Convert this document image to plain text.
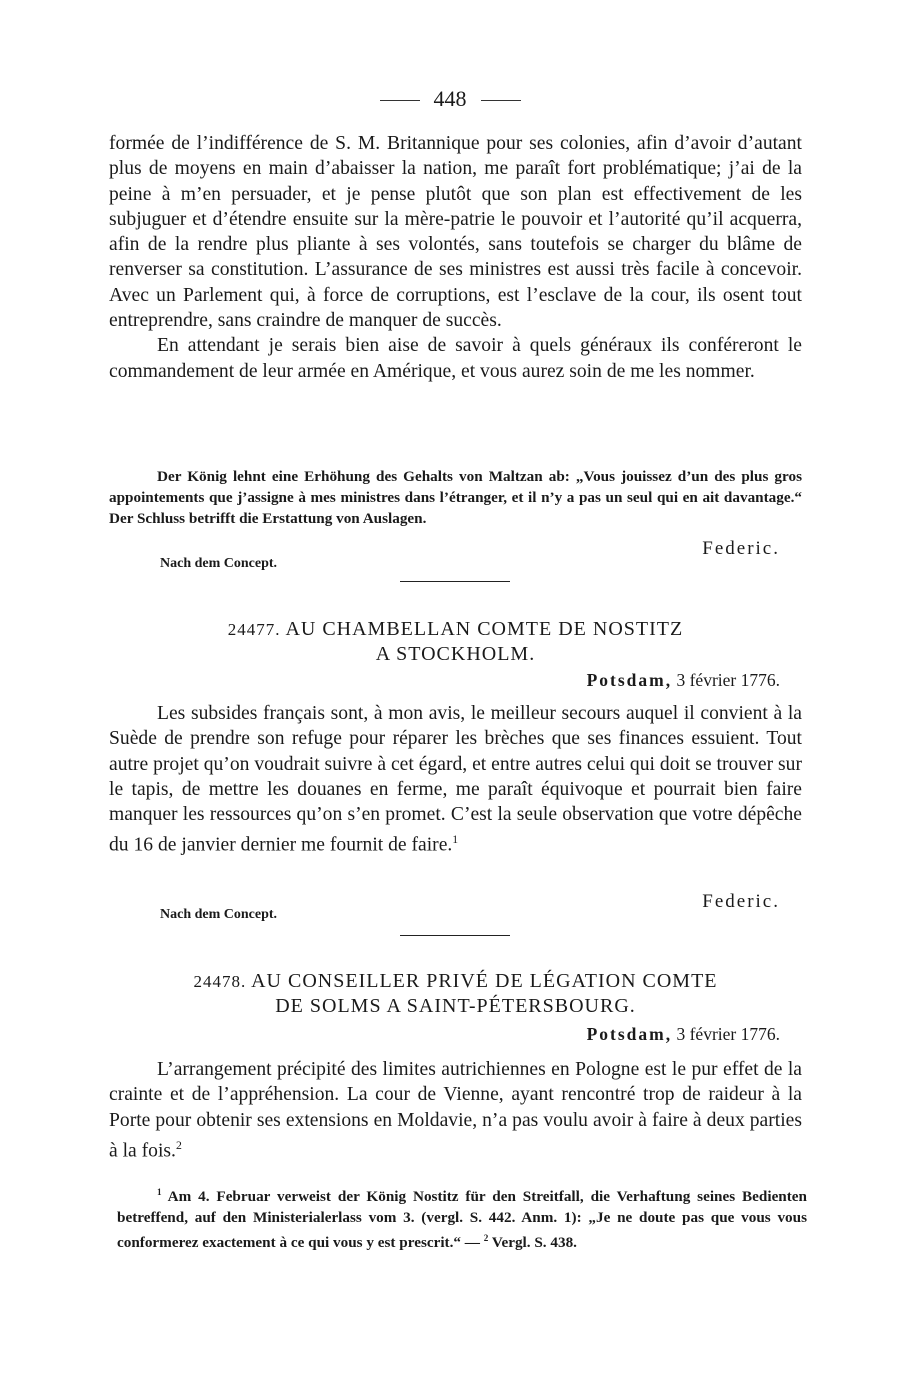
448

formée de l’indifférence de S. M. Britannique pour ses colonies, afin d’avoir d’autant plus de moyens en main d’abaisser la nation, me paraît fort problématique; j’ai de la peine à m’en persuader, et je pense plutôt que son plan est effectivement de les subjuguer et d’étendre ensuite sur la mère-patrie le pouvoir et l’autorité qu’il acquerra, afin de la rendre plus pliante à ses volontés, sans toutefois se charger du blâme de renverser sa constitution. L’assurance de ses ministres est aussi très facile à concevoir. Avec un Parlement qui, à force de corruptions, est l’esclave de la cour, ils osent tout entreprendre, sans craindre de manquer de succès.

En attendant je serais bien aise de savoir à quels généraux ils conféreront le commandement de leur armée en Amérique, et vous aurez soin de me les nommer.

Der König lehnt eine Erhöhung des Gehalts von Maltzan ab: „Vous jouissez d’un des plus gros appointements que j’assigne à mes ministres dans l’étranger, et il n’y a pas un seul qui en ait davantage.“ Der Schluss betrifft die Erstattung von Auslagen.

Federic.
Nach dem Concept.
24477. AU CHAMBELLAN COMTE DE NOSTITZ
A STOCKHOLM.
Potsdam, 3 février 1776.

Les subsides français sont, à mon avis, le meilleur secours auquel il convient à la Suède de prendre son refuge pour réparer les brèches que ses finances essuient. Tout autre projet qu’on voudrait suivre à cet égard, et entre autres celui qui doit se trouver sur le tapis, de mettre les douanes en ferme, me paraît équivoque et pourrait bien faire manquer les ressources qu’on s’en promet. C’est la seule observation que votre dépêche du 16 de janvier dernier me fournit de faire.$^1$

Federic.
Nach dem Concept.
24478. AU CONSEILLER PRIVÉ DE LÉGATION COMTE
DE SOLMS A SAINT-PÉTERSBOURG.
Potsdam, 3 février 1776.

L’arrangement précipité des limites autrichiennes en Pologne est le pur effet de la crainte et de l’appréhension. La cour de Vienne, ayant rencontré trop de raideur à la Porte pour obtenir ses extensions en Moldavie, n’a pas voulu avoir à faire à deux parties à la fois.$^2$

$^1$ Am 4. Februar verweist der König Nostitz für den Streitfall, die Verhaftung seines Bedienten betreffend, auf den Ministerialerlass vom 3. (vergl. S. 442. Anm. 1): „Je ne doute pas que vous vous conformerez exactement à ce qui vous y est prescrit.“ — $^2$ Vergl. S. 438.
